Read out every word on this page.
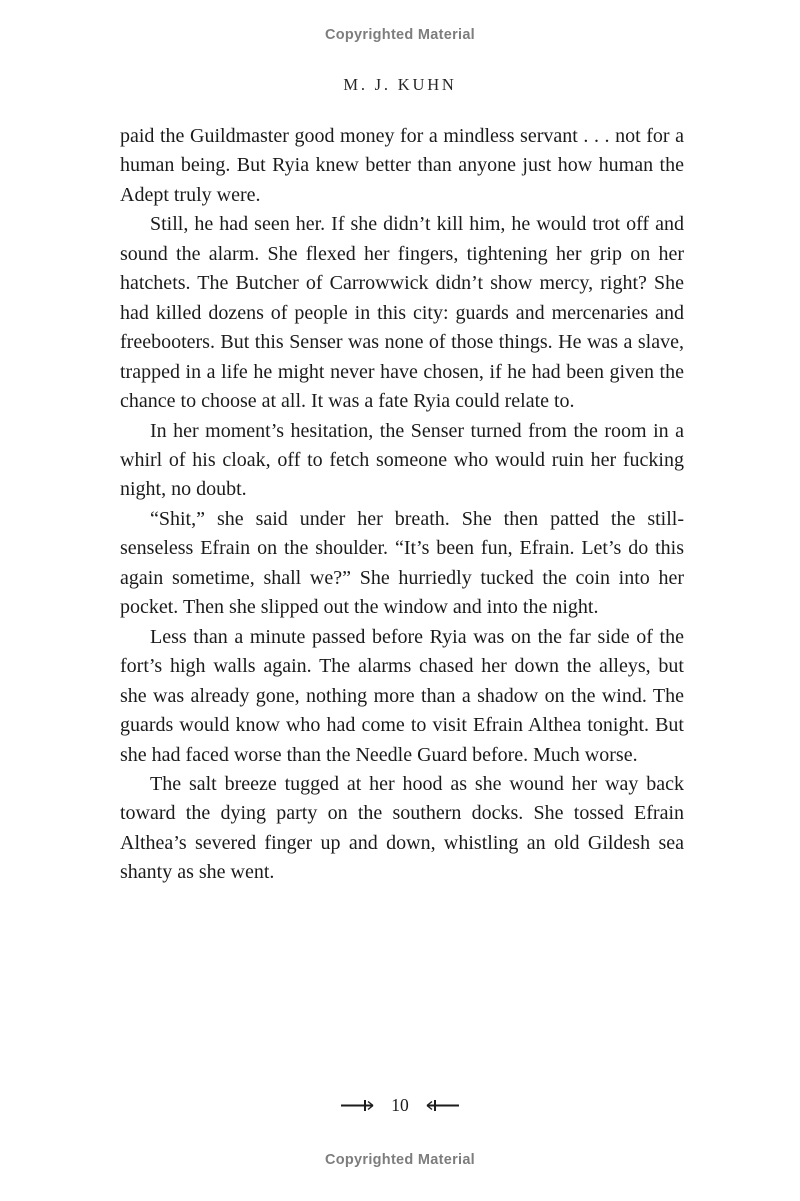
Copyrighted Material
M. J. KUHN

paid the Guildmaster good money for a mindless servant . . . not for a human being. But Ryia knew better than anyone just how human the Adept truly were.

Still, he had seen her. If she didn’t kill him, he would trot off and sound the alarm. She flexed her fingers, tightening her grip on her hatchets. The Butcher of Carrowwick didn’t show mercy, right? She had killed dozens of people in this city: guards and mercenaries and freebooters. But this Senser was none of those things. He was a slave, trapped in a life he might never have chosen, if he had been given the chance to choose at all. It was a fate Ryia could relate to.

In her moment’s hesitation, the Senser turned from the room in a whirl of his cloak, off to fetch someone who would ruin her fucking night, no doubt.

“Shit,” she said under her breath. She then patted the still-senseless Efrain on the shoulder. “It’s been fun, Efrain. Let’s do this again sometime, shall we?” She hurriedly tucked the coin into her pocket. Then she slipped out the window and into the night.

Less than a minute passed before Ryia was on the far side of the fort’s high walls again. The alarms chased her down the alleys, but she was already gone, nothing more than a shadow on the wind. The guards would know who had come to visit Efrain Althea tonight. But she had faced worse than the Needle Guard before. Much worse.

The salt breeze tugged at her hood as she wound her way back toward the dying party on the southern docks. She tossed Efrain Althea’s severed finger up and down, whistling an old Gildesh sea shanty as she went.

10
Copyrighted Material
